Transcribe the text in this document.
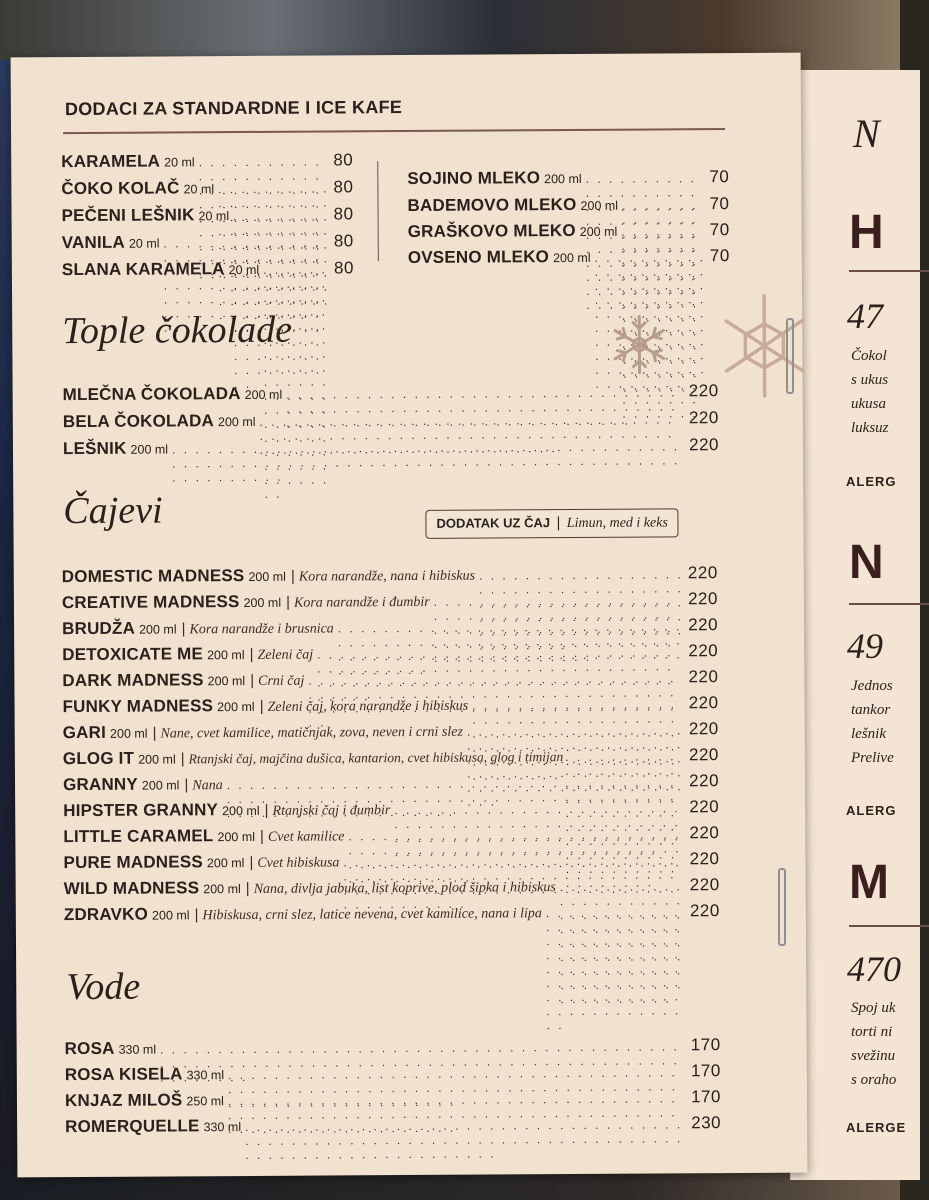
N
H
47
Čokol
s ukus
ukusa
luksuz
ALERG
N
49
Jednos
tankor
lešnik
Prelive
ALERG
M
470
Spoj uk
torti ni
svežinu
s oraho
ALERGE
DODACI ZA STANDARDNE I ICE KAFE
KARAMELA 20 ml . . .	80
ČOKO KOLAČ 20 ml . . .	80
PEČENI LEŠNIK 20 ml . . .	80
VANILA 20 ml . . .	80
SLANA KARAMELA 20 ml . . .	80
SOJINO MLEKO 200 ml . . .	70
BADEMOVO MLEKO 200 ml . . .	70
GRAŠKOVO MLEKO 200 ml . . .	70
OVSENO MLEKO 200 ml . . .	70
Tople čokolade
MLEČNA ČOKOLADA 200 ml . . .	220
BELA ČOKOLADA 200 ml . . .	220
LEŠNIK 200 ml . . .	220
Čajevi	DODATAK UZ ČAJ | Limun, med i keks
DOMESTIC MADNESS 200 ml | Kora narandže, nana i hibiskus . . .	220
CREATIVE MADNESS 200 ml | Kora narandže i đumbir . . .	220
BRUDŽA 200 ml | Kora narandže i brusnica . . .	220
DETOXICATE ME 200 ml | Zeleni čaj . . .	220
DARK MADNESS 200 ml | Crni čaj . . .	220
FUNKY MADNESS 200 ml | Zeleni čaj, kora narandže i hibiskus . . .	220
GARI 200 ml | Nane, cvet kamilice, matičnjak, zova, neven i crni slez . . .	220
GLOG IT 200 ml | Rtanjski čaj, majčina dušica, kantarion, cvet hibiskusa, glog i timijan . . .	220
GRANNY 200 ml | Nana . . .	220
HIPSTER GRANNY 200 ml | Rtanjski čaj i đumbir . . .	220
LITTLE CARAMEL 200 ml | Cvet kamilice . . .	220
PURE MADNESS 200 ml | Cvet hibiskusa . . .	220
WILD MADNESS 200 ml | Nana, divlja jabuka, list koprive, plod šipka i hibiskus . . .	220
ZDRAVKO 200 ml | Hibiskusa, crni slez, latice nevena, cvet kamilice, nana i lipa . . .	220
Vode
ROSA 330 ml . . .	170
ROSA KISELA 330 ml . . .	170
KNJAZ MILOŠ 250 ml . . .	170
ROMERQUELLE 330 ml . . .	230
